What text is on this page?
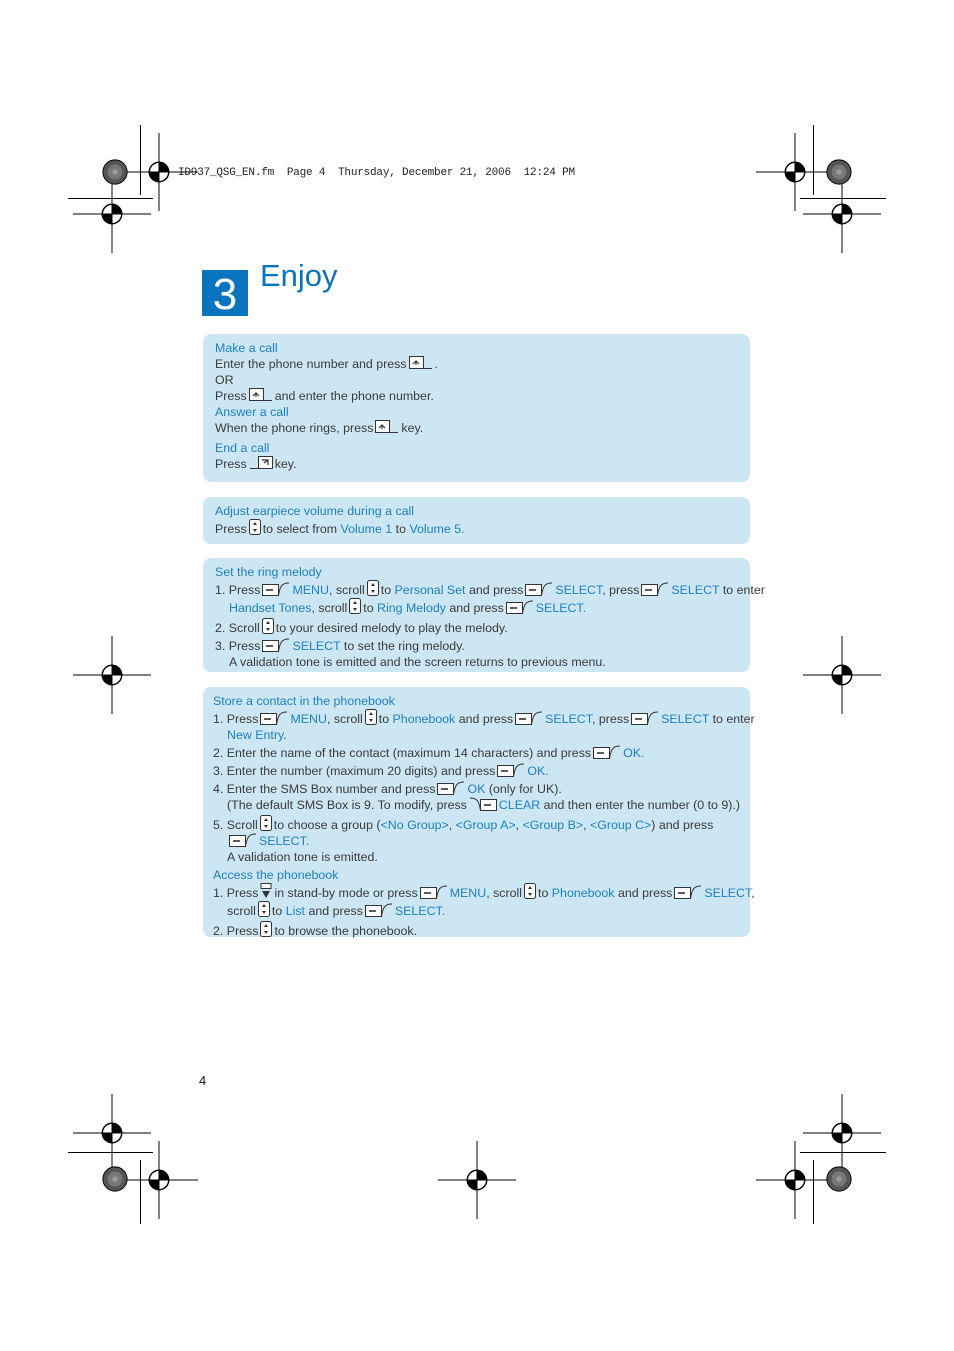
ID937_QSG_EN.fm  Page 4  Thursday, December 21, 2006  12:24 PM
3 Enjoy
Make a call
Enter the phone number and press .
OR
Press and enter the phone number.
Answer a call
When the phone rings, press key.
End a call
Press key.
Adjust earpiece volume during a call
Press to select from Volume 1 to Volume 5.
Set the ring melody
1. Press	MENU, scroll to Personal Set and press	SELECT, press	SELECT to enter
Handset Tones, scroll to Ring Melody and press	SELECT.
2. Scroll to your desired melody to play the melody.
3. Press	SELECT to set the ring melody.
A validation tone is emitted and the screen returns to previous menu.
Store a contact in the phonebook
1. Press	MENU, scroll to Phonebook and press	SELECT, press	SELECT to enter
New Entry.
2. Enter the name of the contact (maximum 14 characters) and press	OK.
3. Enter the number (maximum 20 digits) and press	OK.
4. Enter the SMS Box number and press	OK (only for UK).
(The default SMS Box is 9. To modify, press	CLEAR and then enter the number (0 to 9).)
5. Scroll to choose a group (<No Group>, <Group A>, <Group B>, <Group C>) and press
SELECT.
A validation tone is emitted.
Access the phonebook
1. Press in stand-by mode or press	MENU, scroll to Phonebook and press	SELECT,
scroll to List and press	SELECT.
2. Press to browse the phonebook.
4
